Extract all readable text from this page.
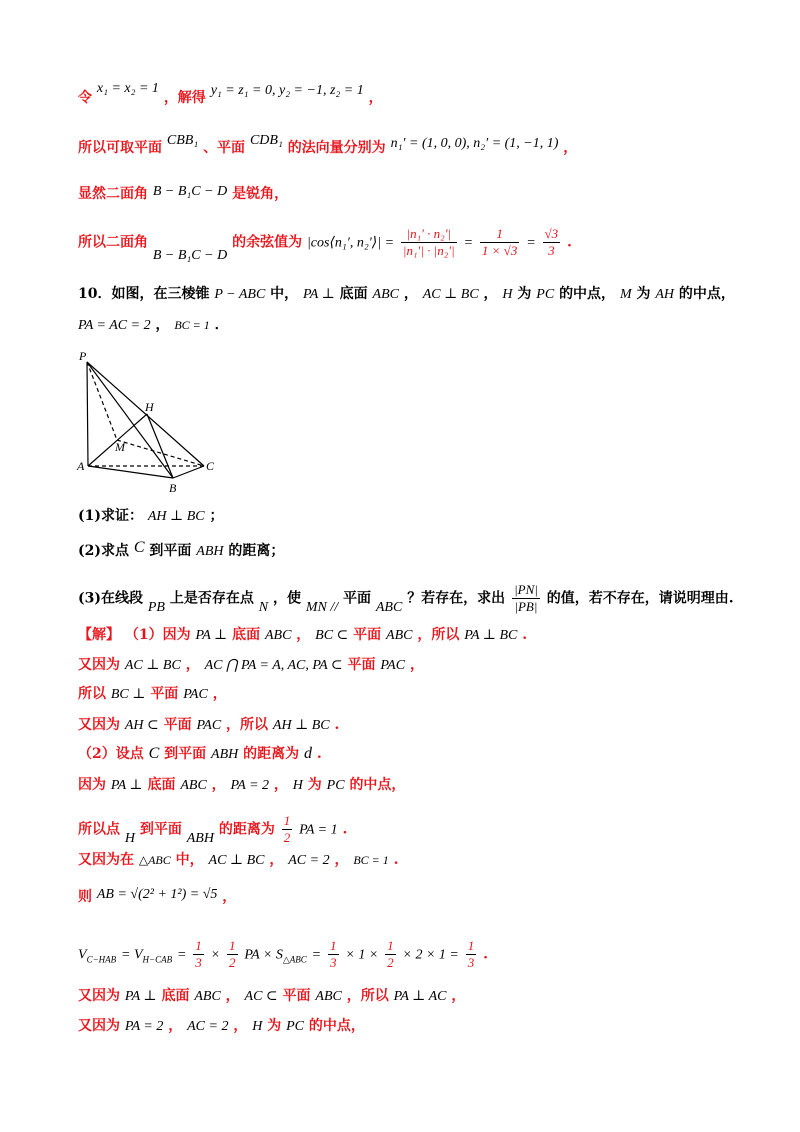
令 x₁ = x₂ = 1 ，解得 y₁ = z₁ = 0, y₂ = −1, z₂ = 1 ，
所以可取平面 CBB₁ 、平面 CDB₁ 的法向量分别为 n₁′ = (1, 0, 0), n₂′ = (1, −1, 1) ，
显然二面角 B − B₁C − D 是锐角，
所以二面角 B − B₁C − D 的余弦值为 |cos⟨n₁′, n₂′⟩| = $\frac{\text{|n₁′ · n₂′|}}{\text{|n₁′| · |n₂′|}} = \frac{1}{1 \times √3} = \frac{√3}{3}$ .
10．如图，在三棱锥 P − ABC 中， PA ⊥ 底面 ABC ， AC ⊥ BC ， H 为 PC 的中点， M 为 AH 的中点，
PA = AC = 2 ， BC = 1 ．
P
H
M
A	C
B
(1)求证： AH ⊥ BC ；
(2)求点 C 到平面 ABH 的距离；
(3)在线段 PB 上是否存在点 N ，使 MN // 平面 ABC ？若存在，求出 $\frac{|PN|}{|PB|}$ 的值，若不存在，请说明理由.
【解】 （1）因为 PA ⊥ 底面 ABC ， BC ⊂ 平面 ABC ，所以 PA ⊥ BC .
又因为 AC ⊥ BC ， AC ⋂ PA = A, AC, PA ⊂ 平面 PAC ，
所以 BC ⊥ 平面 PAC ，
又因为 AH ⊂ 平面 PAC ，所以 AH ⊥ BC .
（2）设点 C 到平面 ABH 的距离为 d .
因为 PA ⊥ 底面 ABC ， PA = 2 ， H 为 PC 的中点，
所以点 H 到平面 ABH 的距离为 $\frac{1}{2}$ PA = 1 .
又因为在 △ABC 中， AC ⊥ BC ， AC = 2 ， BC = 1 .
则 AB = √(2² + 1²) = √5 ，
$V_{C-HAB} = V_{H-CAB} = \frac{1}{3} \times \frac{1}{2}$ PA × $S_{\triangle ABC} = \frac{1}{3} \times 1 \times \frac{1}{2} \times 2 \times 1 = \frac{1}{3}$ .
又因为 PA ⊥ 底面 ABC ， AC ⊂ 平面 ABC ，所以 PA ⊥ AC ，
又因为 PA = 2 ， AC = 2 ， H 为 PC 的中点，
